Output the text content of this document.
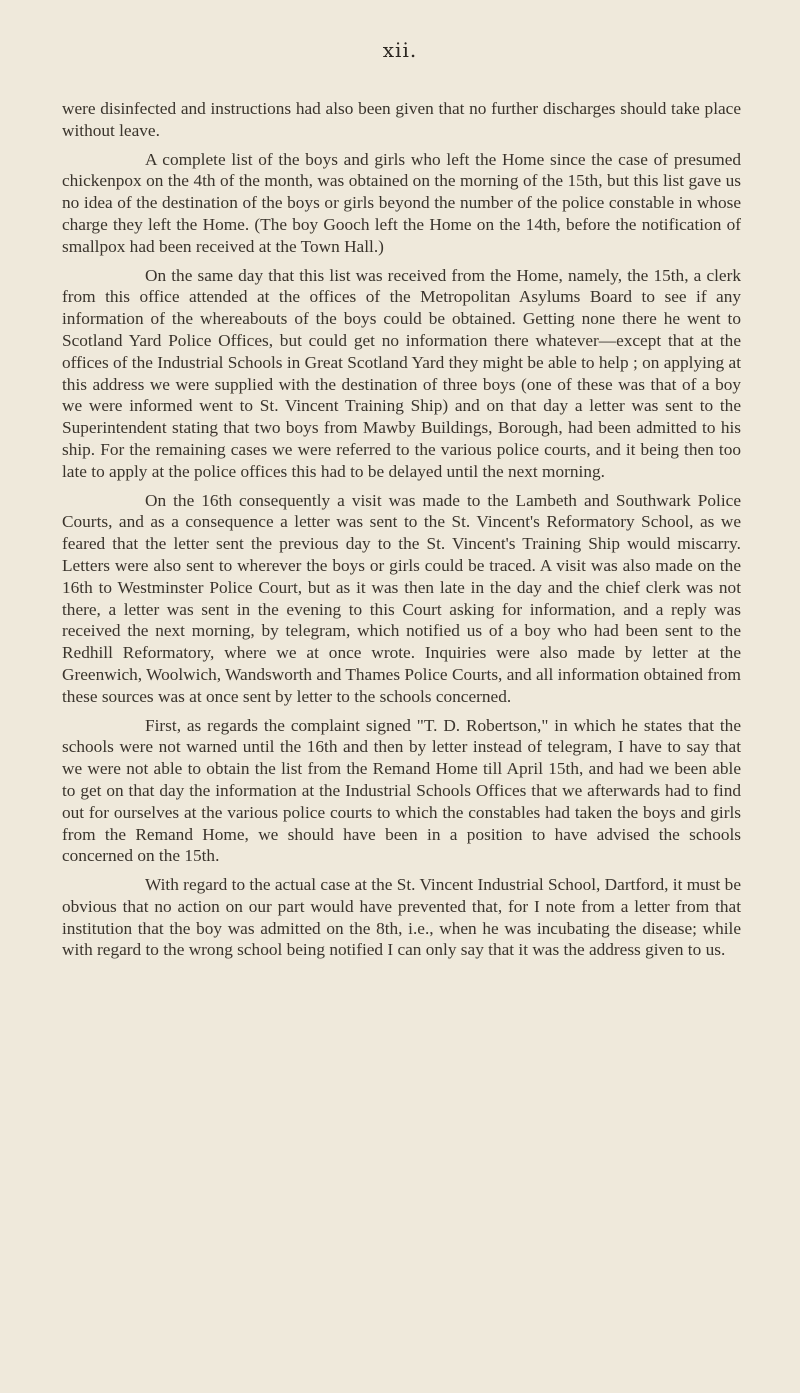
xii.

were disinfected and instructions had also been given that no further discharges should take place without leave.

A complete list of the boys and girls who left the Home since the case of presumed chickenpox on the 4th of the month, was obtained on the morning of the 15th, but this list gave us no idea of the destination of the boys or girls beyond the number of the police constable in whose charge they left the Home. (The boy Gooch left the Home on the 14th, before the notification of smallpox had been received at the Town Hall.)

On the same day that this list was received from the Home, namely, the 15th, a clerk from this office attended at the offices of the Metropolitan Asylums Board to see if any information of the whereabouts of the boys could be obtained. Getting none there he went to Scotland Yard Police Offices, but could get no information there whatever—except that at the offices of the Industrial Schools in Great Scotland Yard they might be able to help ; on applying at this address we were supplied with the destination of three boys (one of these was that of a boy we were informed went to St. Vincent Training Ship) and on that day a letter was sent to the Superintendent stating that two boys from Mawby Buildings, Borough, had been admitted to his ship. For the remaining cases we were referred to the various police courts, and it being then too late to apply at the police offices this had to be delayed until the next morning.

On the 16th consequently a visit was made to the Lambeth and Southwark Police Courts, and as a consequence a letter was sent to the St. Vincent's Reformatory School, as we feared that the letter sent the previous day to the St. Vincent's Training Ship would miscarry. Letters were also sent to wherever the boys or girls could be traced. A visit was also made on the 16th to Westminster Police Court, but as it was then late in the day and the chief clerk was not there, a letter was sent in the evening to this Court asking for information, and a reply was received the next morning, by telegram, which notified us of a boy who had been sent to the Redhill Reformatory, where we at once wrote. Inquiries were also made by letter at the Greenwich, Woolwich, Wandsworth and Thames Police Courts, and all information obtained from these sources was at once sent by letter to the schools concerned.

First, as regards the complaint signed "T. D. Robertson," in which he states that the schools were not warned until the 16th and then by letter instead of telegram, I have to say that we were not able to obtain the list from the Remand Home till April 15th, and had we been able to get on that day the information at the Industrial Schools Offices that we afterwards had to find out for ourselves at the various police courts to which the constables had taken the boys and girls from the Remand Home, we should have been in a position to have advised the schools concerned on the 15th.

With regard to the actual case at the St. Vincent Industrial School, Dartford, it must be obvious that no action on our part would have prevented that, for I note from a letter from that institution that the boy was admitted on the 8th, i.e., when he was incubating the disease; while with regard to the wrong school being notified I can only say that it was the address given to us.
